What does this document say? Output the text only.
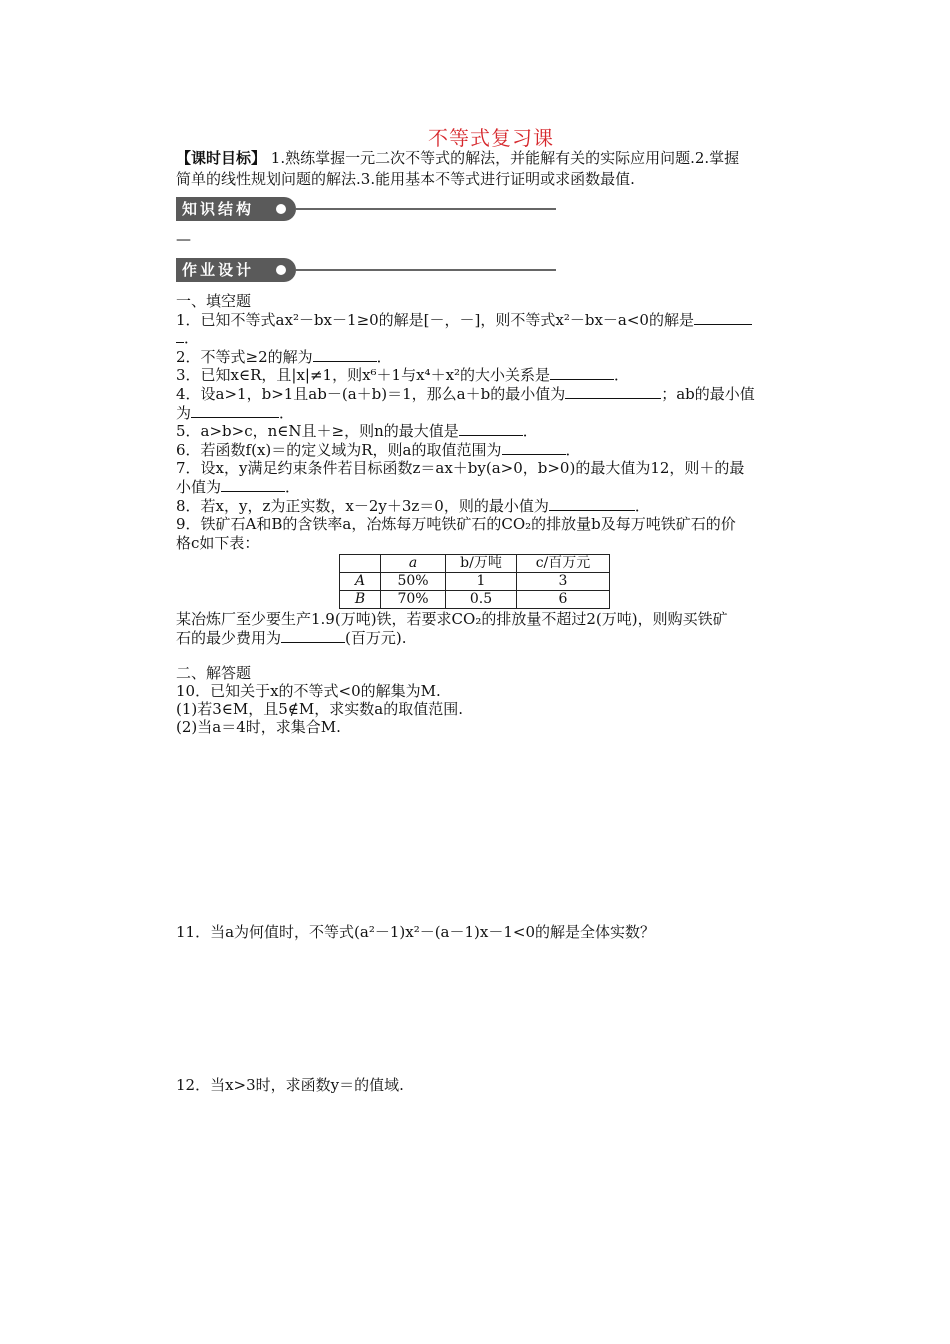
不等式复习课
【课时目标】 1.熟练掌握一元二次不等式的解法，并能解有关的实际应用问题.2.掌握
简单的线性规划问题的解法.3.能用基本不等式进行证明或求函数最值.
知识结构
—
作业设计
一、填空题
1．已知不等式ax²－bx－1≥0的解是[－，－]，则不等式x²－bx－a<0的解是
．
2．不等式≥2的解为	．
3．已知x∈R，且|x|≠1，则x⁶＋1与x⁴＋x²的大小关系是	．
4．设a>1，b>1且ab－(a＋b)＝1，那么a＋b的最小值为	；ab的最小值
为	．
5．a>b>c，n∈N且＋≥，则n的最大值是	．
6．若函数f(x)＝的定义域为R，则a的取值范围为	．
7．设x，y满足约束条件若目标函数z＝ax＋by(a>0，b>0)的最大值为12，则＋的最
小值为	．
8．若x，y，z为正实数，x－2y＋3z＝0，则的最小值为	．
9．铁矿石A和B的含铁率a，冶炼每万吨铁矿石的CO₂的排放量b及每万吨铁矿石的价
格c如下表：
	a	b/万吨	c/百万元
A	50%	1	3
B	70%	0.5	6
某冶炼厂至少要生产1.9(万吨)铁，若要求CO₂的排放量不超过2(万吨)，则购买铁矿
石的最少费用为	(百万元).
二、解答题
10．已知关于x的不等式<0的解集为M.
(1)若3∈M，且5∉M，求实数a的取值范围.
(2)当a＝4时，求集合M.
11．当a为何值时，不等式(a²－1)x²－(a－1)x－1<0的解是全体实数？
12．当x>3时，求函数y＝的值域.
